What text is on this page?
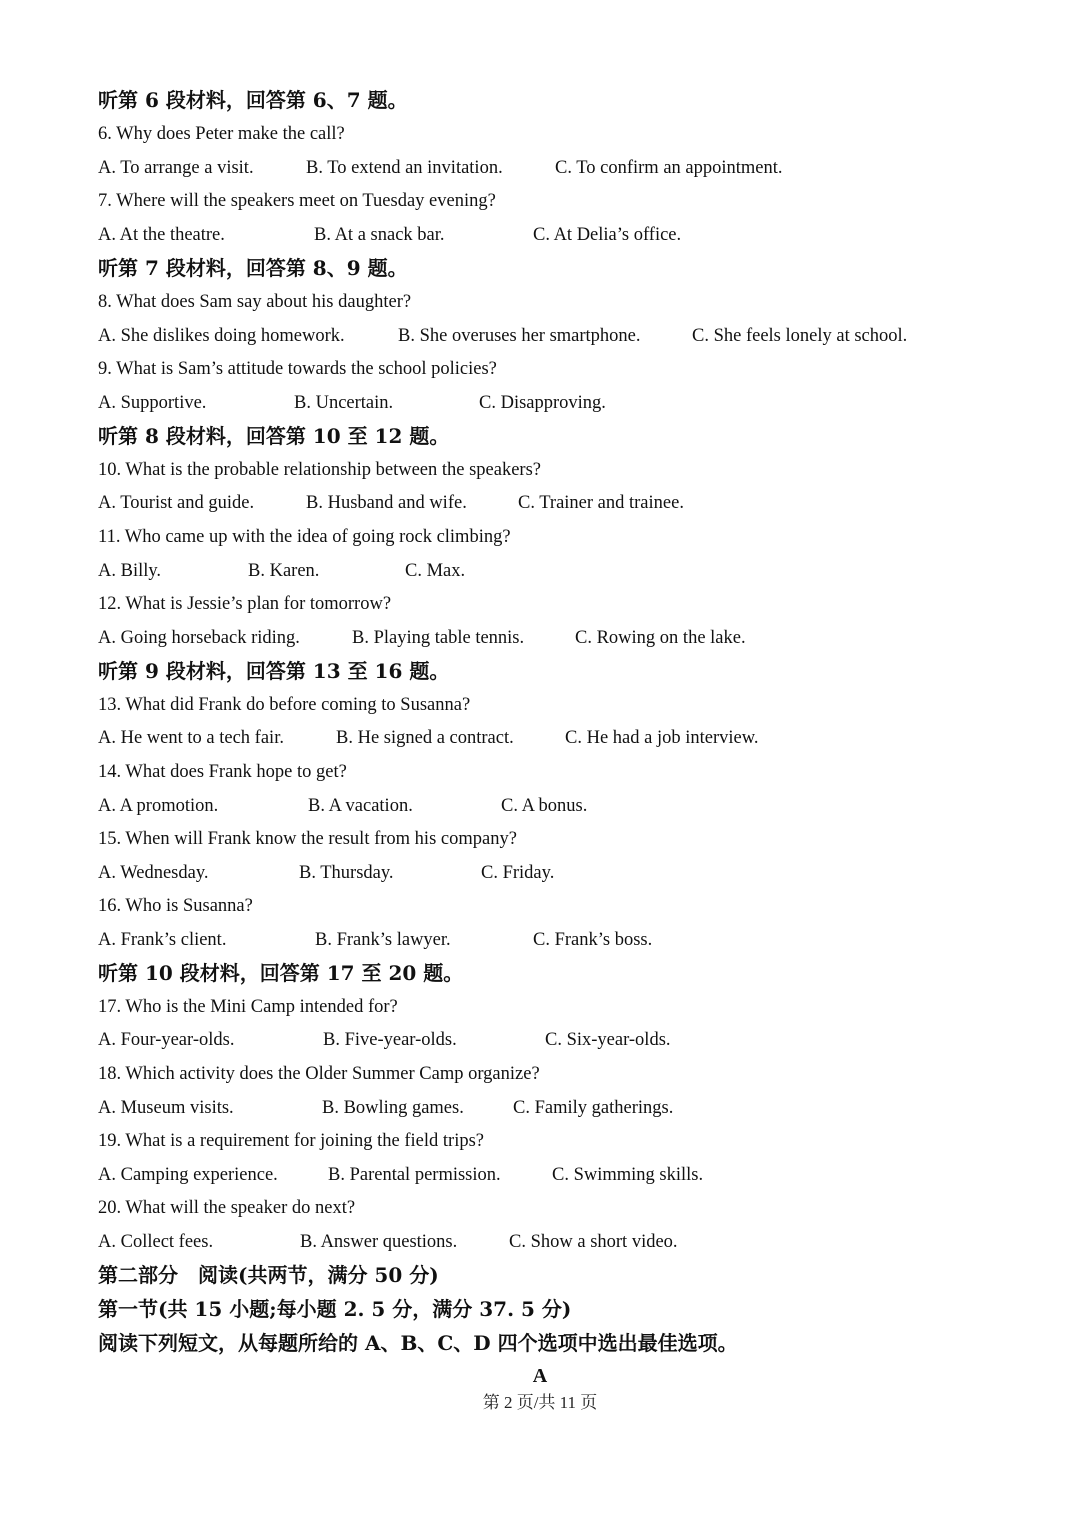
听第 6 段材料，回答第 6、7 题。
6. Why does Peter make the call?
A. To arrange a visit.	B. To extend an invitation.	C. To confirm an appointment.
7. Where will the speakers meet on Tuesday evening?
A. At the theatre.	B. At a snack bar.	C. At Delia’s office.
听第 7 段材料，回答第 8、9 题。
8. What does Sam say about his daughter?
A. She dislikes doing homework.	B. She overuses her smartphone.	C. She feels lonely at school.
9. What is Sam’s attitude towards the school policies?
A. Supportive.	B. Uncertain.	C. Disapproving.
听第 8 段材料，回答第 10 至 12 题。
10. What is the probable relationship between the speakers?
A. Tourist and guide.	B. Husband and wife.	C. Trainer and trainee.
11. Who came up with the idea of going rock climbing?
A. Billy.	B. Karen.	C. Max.
12. What is Jessie’s plan for tomorrow?
A. Going horseback riding.	B. Playing table tennis.	C. Rowing on the lake.
听第 9 段材料，回答第 13 至 16 题。
13. What did Frank do before coming to Susanna?
A. He went to a tech fair.	B. He signed a contract.	C. He had a job interview.
14. What does Frank hope to get?
A. A promotion.	B. A vacation.	C. A bonus.
15. When will Frank know the result from his company?
A. Wednesday.	B. Thursday.	C. Friday.
16. Who is Susanna?
A. Frank’s client.	B. Frank’s lawyer.	C. Frank’s boss.
听第 10 段材料，回答第 17 至 20 题。
17. Who is the Mini Camp intended for?
A. Four-year-olds.	B. Five-year-olds.	C. Six-year-olds.
18. Which activity does the Older Summer Camp organize?
A. Museum visits.	B. Bowling games.	C. Family gatherings.
19. What is a requirement for joining the field trips?
A. Camping experience.	B. Parental permission.	C. Swimming skills.
20. What will the speaker do next?
A. Collect fees.	B. Answer questions.	C. Show a short video.
第二部分　阅读(共两节，满分 50 分)
第一节(共 15 小题;每小题 2. 5 分，满分 37. 5 分)
阅读下列短文，从每题所给的 A、B、C、D 四个选项中选出最佳选项。
A
第 2 页/共 11 页
